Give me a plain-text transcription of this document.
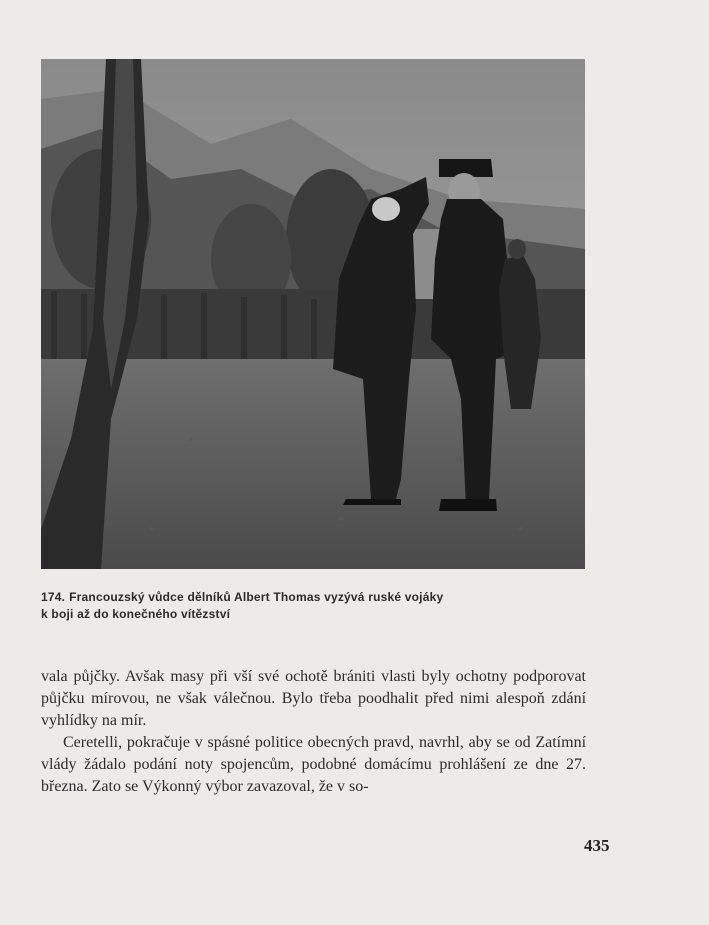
174. Francouzský vůdce dělníků Albert Thomas vyzývá ruské vojáky
k boji až do konečného vítězství

vala půjčky. Avšak masy při vší své ochotě brániti vlasti byly ochotny podporovat půjčku mírovou, ne však válečnou. Bylo třeba poodhalit před nimi alespoň zdání vyhlídky na mír.

Ceretelli, pokračuje v spásné politice obecných pravd, navrhl, aby se od Zatímní vlády žádalo podání noty spojencům, podobné domácímu prohlášení ze dne 27. března. Zato se Výkonný výbor zavazoval, že v so-

435
